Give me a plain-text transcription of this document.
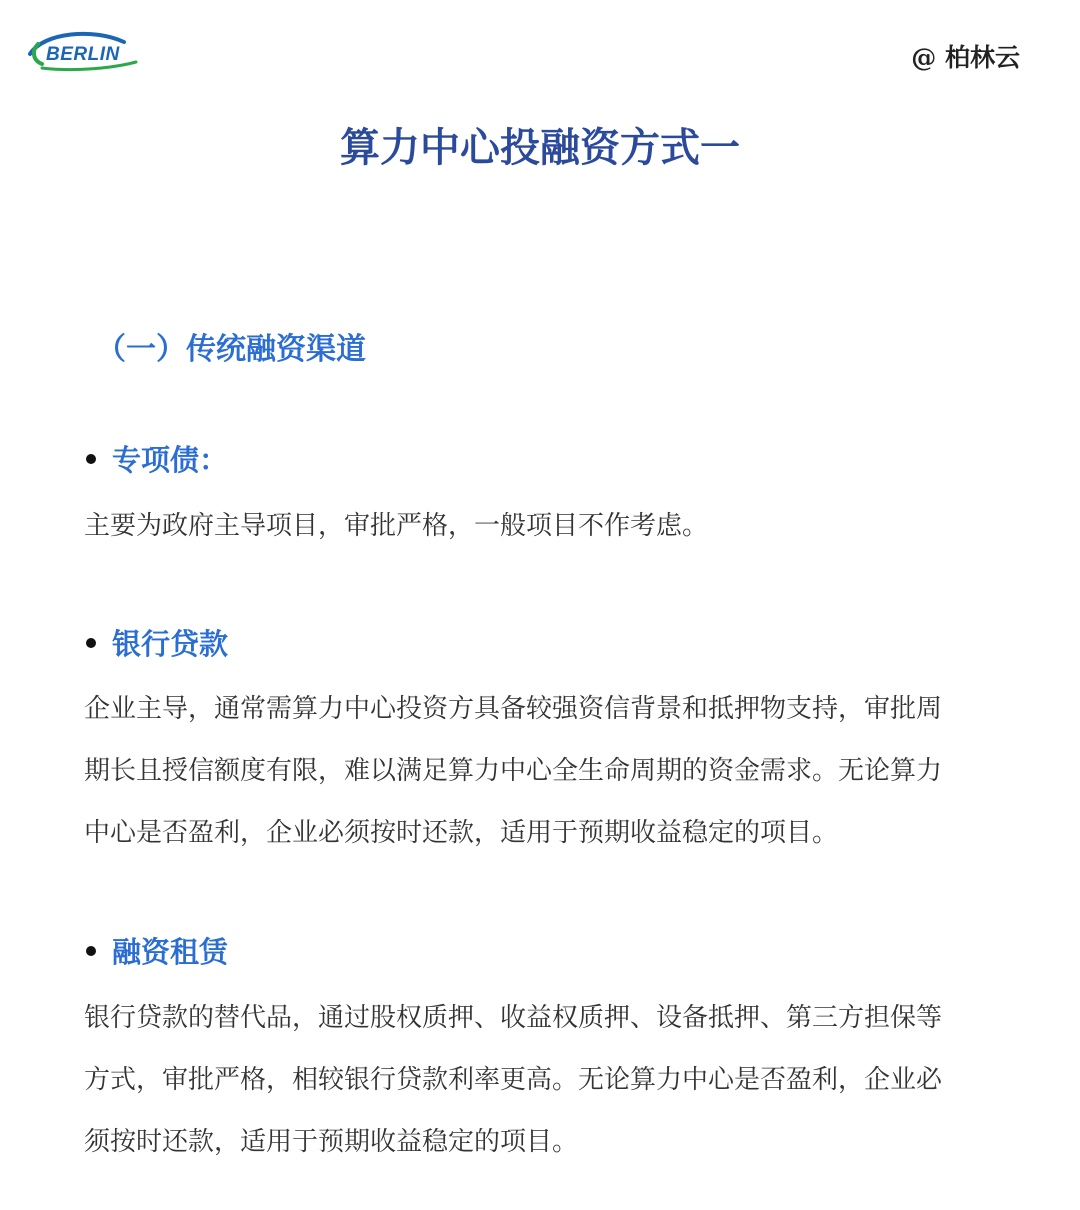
BERLIN	@ 柏林云
算力中心投融资方式一
（一）传统融资渠道
专项债：

主要为政府主导项目，审批严格，一般项目不作考虑。

银行贷款

企业主导，通常需算力中心投资方具备较强资信背景和抵押物支持，审批周期长且授信额度有限，难以满足算力中心全生命周期的资金需求。无论算力中心是否盈利，企业必须按时还款，适用于预期收益稳定的项目。

融资租赁

银行贷款的替代品，通过股权质押、收益权质押、设备抵押、第三方担保等方式，审批严格，相较银行贷款利率更高。无论算力中心是否盈利，企业必须按时还款，适用于预期收益稳定的项目。
